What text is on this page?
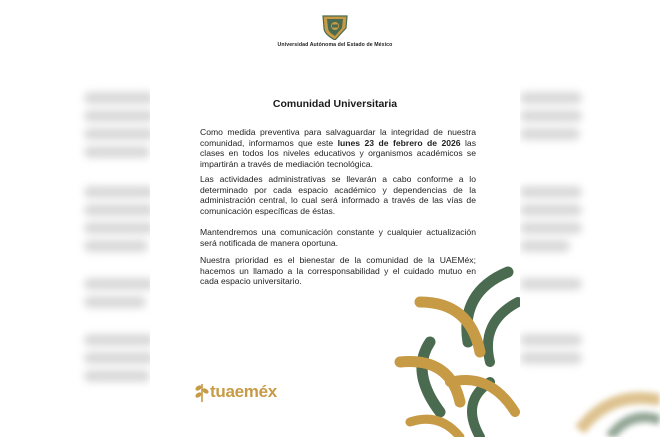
Universidad Autónoma del Estado de México
Comunidad Universitaria
Como medida preventiva para salvaguardar la integridad de nuestra comunidad, informamos que este lunes 23 de febrero de 2026 las clases en todos los niveles educativos y organismos académicos se impartirán a través de mediación tecnológica.
Las actividades administrativas se llevarán a cabo conforme a lo determinado por cada espacio académico y dependencias de la administración central, lo cual será informado a través de las vías de comunicación específicas de éstas.
Mantendremos una comunicación constante y cualquier actualización será notificada de manera oportuna.
Nuestra prioridad es el bienestar de la comunidad de la UAEMéx; hacemos un llamado a la corresponsabilidad y el cuidado mutuo en cada espacio universitario.
tuaeméx
